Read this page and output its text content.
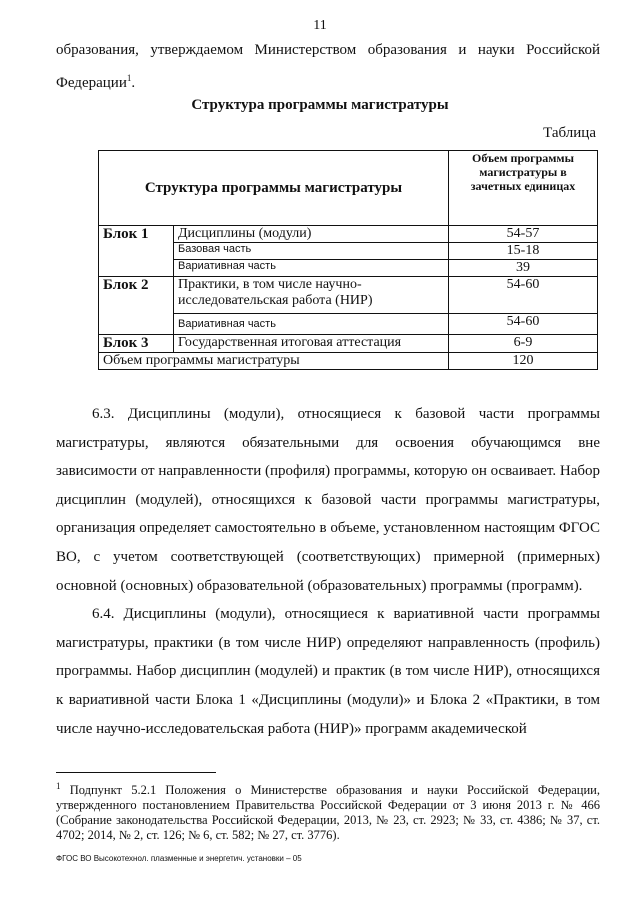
11
образования, утверждаемом Министерством образования и науки Российской
Федерации$^1$.
Структура программы магистратуры
Таблица
Структура программы магистратуры		Объем программы магистратуры в зачетных единицах
Блок 1	Дисциплины (модули)	54-57
	Базовая часть	15-18
	Вариативная часть	39
Блок 2	Практики, в том числе научно-исследовательская работа (НИР)	54-60
	Вариативная часть	54-60
Блок 3	Государственная итоговая аттестация	6-9
Объем программы магистратуры		120

6.3. Дисциплины (модули), относящиеся к базовой части программы магистратуры, являются обязательными для освоения обучающимся вне зависимости от направленности (профиля) программы, которую он осваивает. Набор дисциплин (модулей), относящихся к базовой части программы магистратуры, организация определяет самостоятельно в объеме, установленном настоящим ФГОС ВО, с учетом соответствующей (соответствующих) примерной (примерных) основной (основных) образовательной (образовательных) программы (программ).

6.4. Дисциплины (модули), относящиеся к вариативной части программы магистратуры, практики (в том числе НИР) определяют направленность (профиль) программы. Набор дисциплин (модулей) и практик (в том числе НИР), относящихся к вариативной части Блока 1 «Дисциплины (модули)» и Блока 2 «Практики, в том числе научно-исследовательская работа (НИР)» программ академической

$^1$ Подпункт 5.2.1 Положения о Министерстве образования и науки Российской Федерации, утвержденного постановлением Правительства Российской Федерации от 3 июня 2013 г. № 466 (Собрание законодательства Российской Федерации, 2013, № 23, ст. 2923; № 33, ст. 4386; № 37, ст. 4702; 2014, № 2, ст. 126; № 6, ст. 582; № 27, ст. 3776).
ФГОС ВО Высокотехнол. плазменные и энергетич. установки – 05
